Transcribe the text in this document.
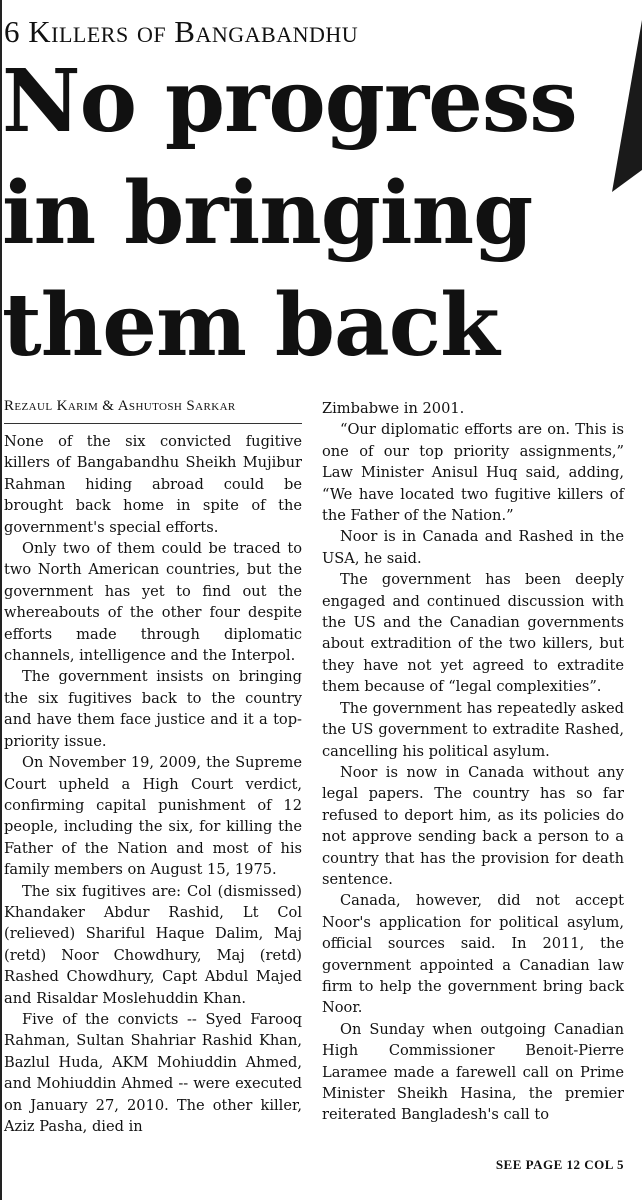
6 Killers of Bangabandhu
No progress
in bringing
them back
Rezaul Karim & Ashutosh Sarkar

None of the six convicted fugitive killers of Bangabandhu Sheikh Mujibur Rahman hiding abroad could be brought back home in spite of the government's special efforts.

Only two of them could be traced to two North American countries, but the government has yet to find out the whereabouts of the other four despite efforts made through diplomatic channels, intelligence and the Interpol.

The government insists on bringing the six fugitives back to the country and have them face justice and it a top-priority issue.

On November 19, 2009, the Supreme Court upheld a High Court verdict, confirming capital punishment of 12 people, including the six, for killing the Father of the Nation and most of his family members on August 15, 1975.

The six fugitives are: Col (dismissed) Khandaker Abdur Rashid, Lt Col (relieved) Shariful Haque Dalim, Maj (retd) Noor Chowdhury, Maj (retd) Rashed Chowdhury, Capt Abdul Majed and Risaldar Moslehuddin Khan.

Five of the convicts -- Syed Farooq Rahman, Sultan Shahriar Rashid Khan, Bazlul Huda, AKM Mohiuddin Ahmed, and Mohiuddin Ahmed -- were executed on January 27, 2010. The other killer, Aziz Pasha, died in

Zimbabwe in 2001.

“Our diplomatic efforts are on. This is one of our top priority assignments,” Law Minister Anisul Huq said, adding, “We have located two fugitive killers of the Father of the Nation.”

Noor is in Canada and Rashed in the USA, he said.

The government has been deeply engaged and continued discussion with the US and the Canadian governments about extradition of the two killers, but they have not yet agreed to extradite them because of “legal complexities”.

The government has repeatedly asked the US government to extradite Rashed, cancelling his political asylum.

Noor is now in Canada without any legal papers. The country has so far refused to deport him, as its policies do not approve sending back a person to a country that has the provision for death sentence.

Canada, however, did not accept Noor's application for political asylum, official sources said. In 2011, the government appointed a Canadian law firm to help the government bring back Noor.

On Sunday when outgoing Canadian High Commissioner Benoit-Pierre Laramee made a farewell call on Prime Minister Sheikh Hasina, the premier reiterated Bangladesh's call to

SEE PAGE 12 COL 5
